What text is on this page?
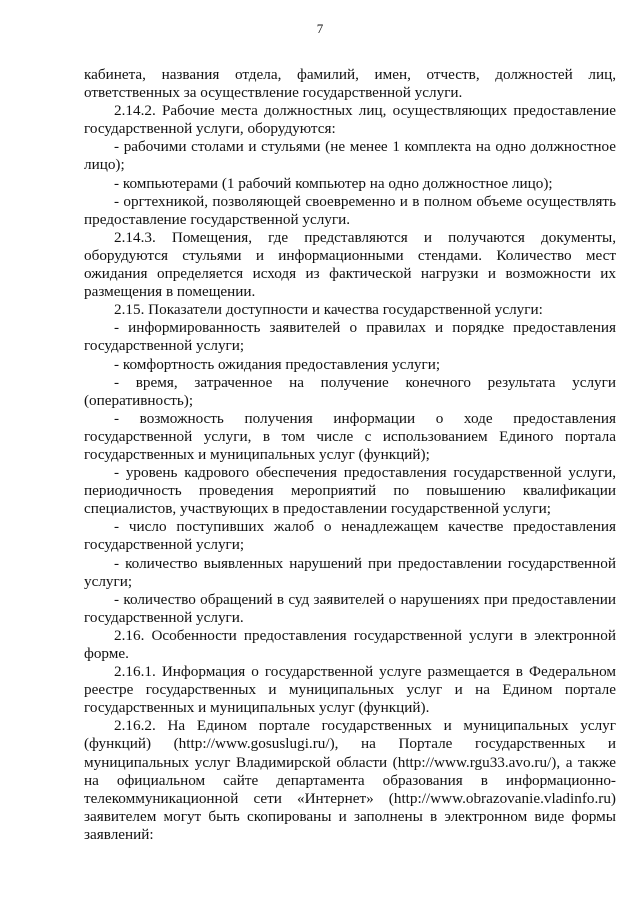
7
кабинета, названия отдела, фамилий, имен, отчеств, должностей лиц,
ответственных за осуществление государственной услуги.
2.14.2. Рабочие места должностных лиц, осуществляющих предоставление
государственной услуги, оборудуются:
- рабочими столами и стульями (не менее 1 комплекта на одно должностное
лицо);
- компьютерами (1 рабочий компьютер на одно должностное лицо);
- оргтехникой, позволяющей своевременно и в полном объеме осуществлять
предоставление государственной услуги.
2.14.3. Помещения, где представляются и получаются документы,
оборудуются стульями и информационными стендами. Количество мест
ожидания определяется исходя из фактической нагрузки и возможности их
размещения в помещении.
2.15. Показатели доступности и качества государственной услуги:
- информированность заявителей о правилах и порядке предоставления
государственной услуги;
- комфортность ожидания предоставления услуги;
- время, затраченное на получение конечного результата услуги
(оперативность);
- возможность получения информации о ходе предоставления
государственной услуги, в том числе с использованием Единого портала
государственных и муниципальных услуг (функций);
- уровень кадрового обеспечения предоставления государственной услуги,
периодичность проведения мероприятий по повышению квалификации
специалистов, участвующих в предоставлении государственной услуги;
- число поступивших жалоб о ненадлежащем качестве предоставления
государственной услуги;
- количество выявленных нарушений при предоставлении государственной
услуги;
- количество обращений в суд заявителей о нарушениях при предоставлении
государственной услуги.
2.16. Особенности предоставления государственной услуги в электронной
форме.
2.16.1. Информация о государственной услуге размещается в Федеральном
реестре государственных и муниципальных услуг и на Едином портале
государственных и муниципальных услуг (функций).
2.16.2. На Едином портале государственных и муниципальных услуг
(функций) (http://www.gosuslugi.ru/), на Портале государственных и
муниципальных услуг Владимирской области (http://www.rgu33.avo.ru/), а также
на официальном сайте департамента образования в информационно-
телекоммуникационной сети «Интернет» (http://www.obrazovanie.vladinfo.ru)
заявителем могут быть скопированы и заполнены в электронном виде формы
заявлений:
